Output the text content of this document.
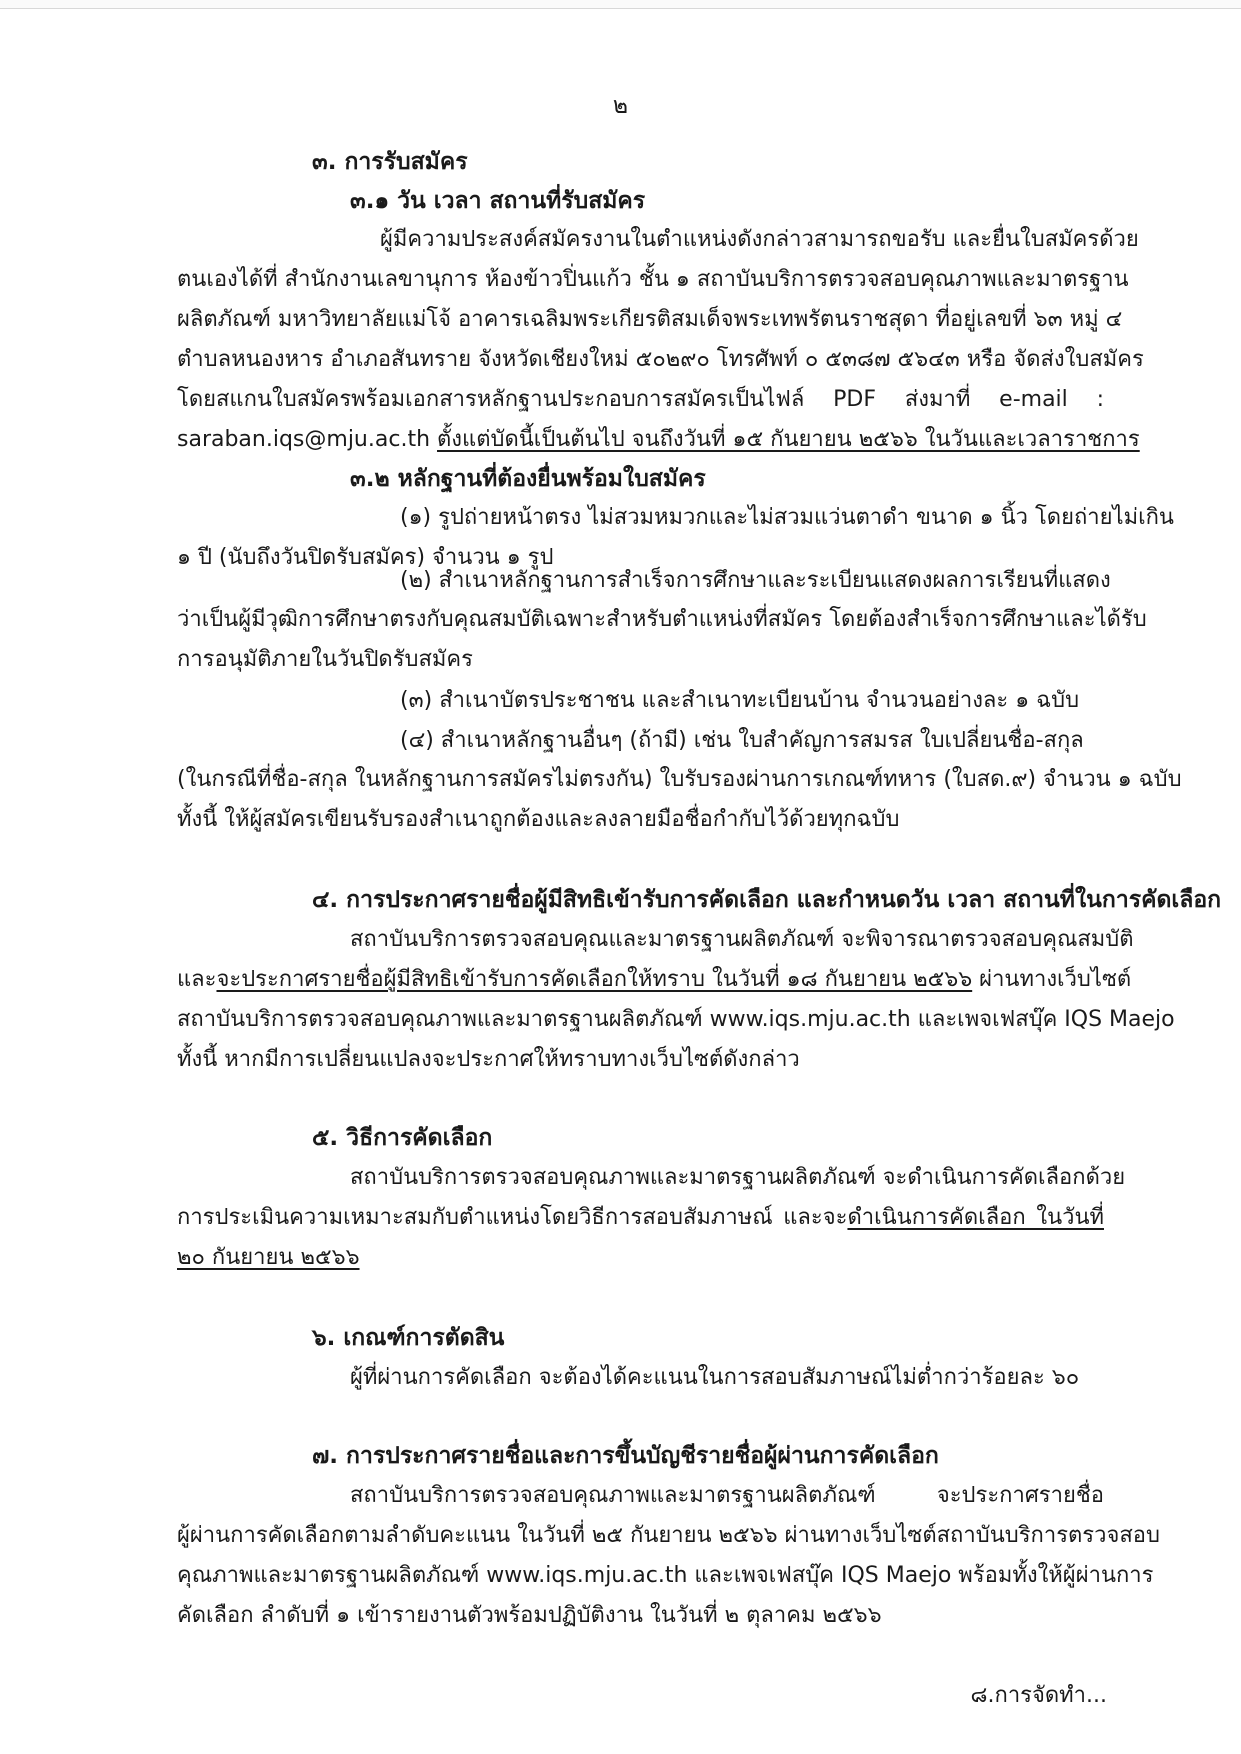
๒
๓. การรับสมัคร
๓.๑ วัน เวลา สถานที่รับสมัคร
ผู้มีความประสงค์สมัครงานในตำแหน่งดังกล่าวสามารถขอรับ และยื่นใบสมัครด้วย
ตนเองได้ที่ สำนักงานเลขานุการ ห้องข้าวปิ่นแก้ว ชั้น ๑ สถาบันบริการตรวจสอบคุณภาพและมาตรฐาน
ผลิตภัณฑ์ มหาวิทยาลัยแม่โจ้ อาคารเฉลิมพระเกียรติสมเด็จพระเทพรัตนราชสุดา ที่อยู่เลขที่ ๖๓ หมู่ ๔
ตำบลหนองหาร อำเภอสันทราย จังหวัดเชียงใหม่ ๕๐๒๙๐ โทรศัพท์ ๐ ๕๓๘๗ ๕๖๔๓ หรือ จัดส่งใบสมัคร
โดยสแกนใบสมัครพร้อมเอกสารหลักฐานประกอบการสมัครเป็นไฟล์ PDF ส่งมาที่ e-mail :
saraban.iqs@mju.ac.th ตั้งแต่บัดนี้เป็นต้นไป จนถึงวันที่ ๑๕ กันยายน ๒๕๖๖ ในวันและเวลาราชการ
๓.๒ หลักฐานที่ต้องยื่นพร้อมใบสมัคร
(๑) รูปถ่ายหน้าตรง ไม่สวมหมวกและไม่สวมแว่นตาดำ ขนาด ๑ นิ้ว โดยถ่ายไม่เกิน
๑ ปี (นับถึงวันปิดรับสมัคร) จำนวน ๑ รูป
(๒) สำเนาหลักฐานการสำเร็จการศึกษาและระเบียนแสดงผลการเรียนที่แสดง
ว่าเป็นผู้มีวุฒิการศึกษาตรงกับคุณสมบัติเฉพาะสำหรับตำแหน่งที่สมัคร โดยต้องสำเร็จการศึกษาและได้รับ
การอนุมัติภายในวันปิดรับสมัคร
(๓) สำเนาบัตรประชาชน และสำเนาทะเบียนบ้าน จำนวนอย่างละ ๑ ฉบับ
(๔) สำเนาหลักฐานอื่นๆ (ถ้ามี) เช่น ใบสำคัญการสมรส ใบเปลี่ยนชื่อ-สกุล
(ในกรณีที่ชื่อ-สกุล ในหลักฐานการสมัครไม่ตรงกัน) ใบรับรองผ่านการเกณฑ์ทหาร (ใบสด.๙) จำนวน ๑ ฉบับ
ทั้งนี้ ให้ผู้สมัครเขียนรับรองสำเนาถูกต้องและลงลายมือชื่อกำกับไว้ด้วยทุกฉบับ
๔. การประกาศรายชื่อผู้มีสิทธิเข้ารับการคัดเลือก และกำหนดวัน เวลา สถานที่ในการคัดเลือก
สถาบันบริการตรวจสอบคุณและมาตรฐานผลิตภัณฑ์ จะพิจารณาตรวจสอบคุณสมบัติ
และจะประกาศรายชื่อผู้มีสิทธิเข้ารับการคัดเลือกให้ทราบ ในวันที่ ๑๘ กันยายน ๒๕๖๖ ผ่านทางเว็บไซต์
สถาบันบริการตรวจสอบคุณภาพและมาตรฐานผลิตภัณฑ์ www.iqs.mju.ac.th และเพจเฟสบุ๊ค IQS Maejo
ทั้งนี้ หากมีการเปลี่ยนแปลงจะประกาศให้ทราบทางเว็บไซต์ดังกล่าว
๕. วิธีการคัดเลือก
สถาบันบริการตรวจสอบคุณภาพและมาตรฐานผลิตภัณฑ์ จะดำเนินการคัดเลือกด้วย
การประเมินความเหมาะสมกับตำแหน่งโดยวิธีการสอบสัมภาษณ์ และจะดำเนินการคัดเลือก ในวันที่
๒๐ กันยายน ๒๕๖๖
๖. เกณฑ์การตัดสิน
ผู้ที่ผ่านการคัดเลือก จะต้องได้คะแนนในการสอบสัมภาษณ์ไม่ต่ำกว่าร้อยละ ๖๐
๗. การประกาศรายชื่อและการขึ้นบัญชีรายชื่อผู้ผ่านการคัดเลือก
สถาบันบริการตรวจสอบคุณภาพและมาตรฐานผลิตภัณฑ์ จะประกาศรายชื่อ
ผู้ผ่านการคัดเลือกตามลำดับคะแนน ในวันที่ ๒๕ กันยายน ๒๕๖๖ ผ่านทางเว็บไซต์สถาบันบริการตรวจสอบ
คุณภาพและมาตรฐานผลิตภัณฑ์ www.iqs.mju.ac.th และเพจเฟสบุ๊ค IQS Maejo พร้อมทั้งให้ผู้ผ่านการ
คัดเลือก ลำดับที่ ๑ เข้ารายงานตัวพร้อมปฏิบัติงาน ในวันที่ ๒ ตุลาคม ๒๕๖๖
๘.การจัดทำ...
